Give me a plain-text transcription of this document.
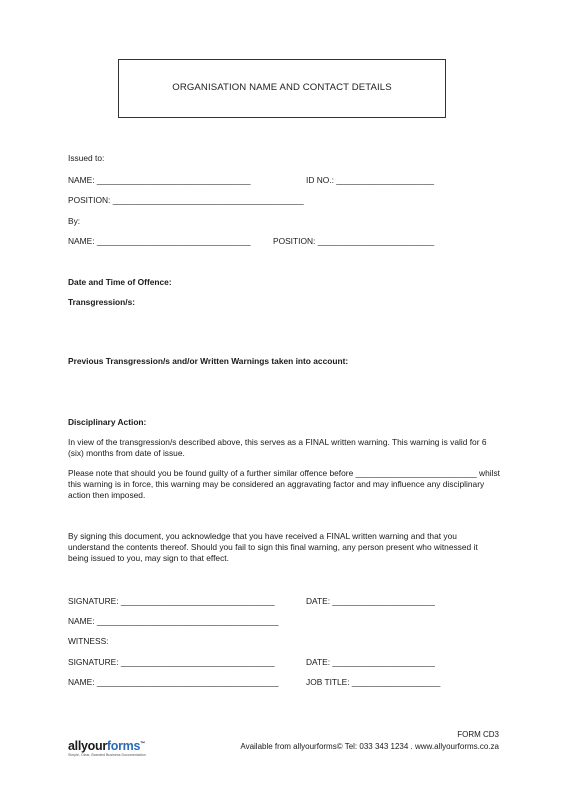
ORGANISATION NAME AND CONTACT DETAILS
Issued to:
NAME: _________________________________	ID NO.: _____________________
POSITION: _________________________________________
By:
NAME: _________________________________	POSITION: _________________________
Date and Time of Offence:
Transgression/s:
Previous Transgression/s and/or Written Warnings taken into account:
Disciplinary Action:
In view of the transgression/s described above, this serves as a FINAL written warning. This warning is valid for 6 (six) months from date of issue.
Please note that should you be found guilty of a further similar offence before __________________________ whilst this warning is in force, this warning may be considered an aggravating factor and may influence any disciplinary action then imposed.
By signing this document, you acknowledge that you have received a FINAL written warning and that you understand the contents thereof. Should you fail to sign this final warning, any person present who witnessed it being issued to you, may sign to that effect.
SIGNATURE: _________________________________	DATE: ______________________
NAME: _______________________________________
WITNESS:
SIGNATURE: _________________________________	DATE: ______________________
NAME: _______________________________________	JOB TITLE: ___________________
FORM CD3
Available from allyourforms© Tel: 033 343 1234 . www.allyourforms.co.za
allyourforms™
Simple, Clear, Branded Business Documentation
